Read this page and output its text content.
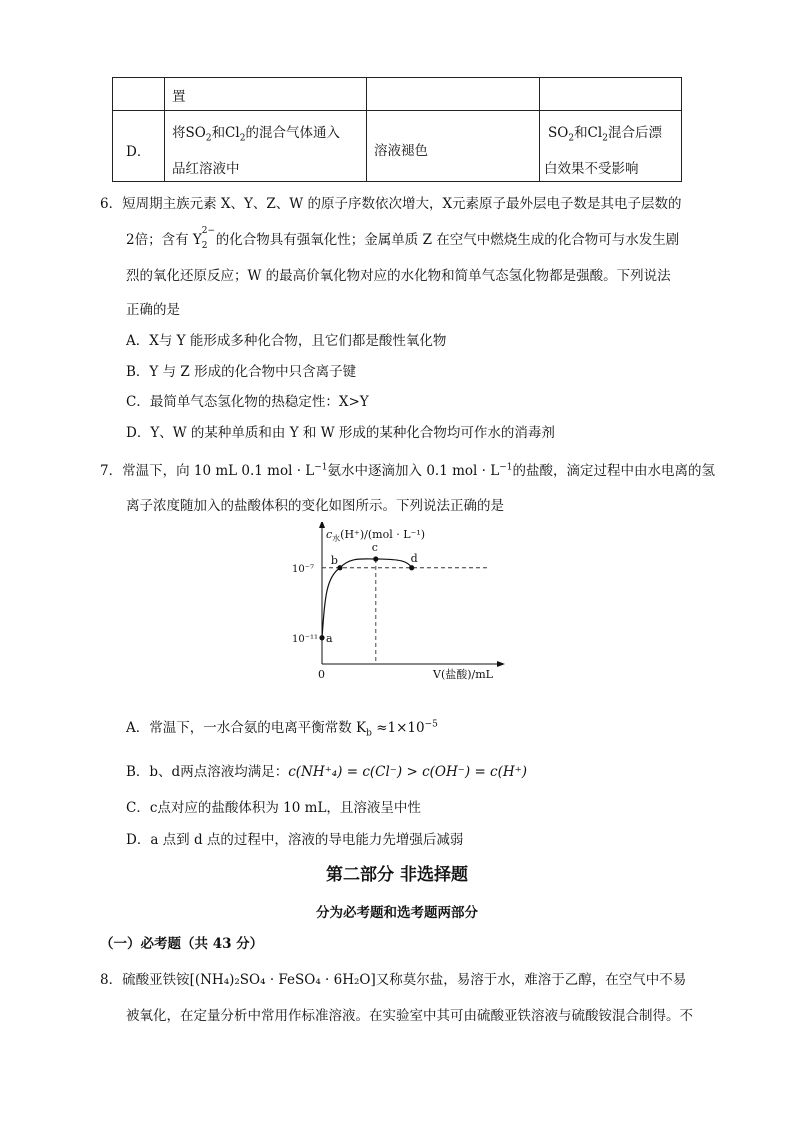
置
D．
将$SO_2$和$Cl_2$的混合气体通入
品红溶液中
溶液褪色
$SO_2$和$Cl_2$混合后漂
白效果不受影响
6．短周期主族元素 X、Y、Z、W 的原子序数依次增大，X元素原子最外层电子数是其电子层数的
2倍；含有 Y
2−
2 的化合物具有强氧化性；金属单质 Z 在空气中燃烧生成的化合物可与水发生剧
烈的氧化还原反应；W 的最高价氧化物对应的水化物和简单气态氢化物都是强酸。下列说法
正确的是
A．X与 Y 能形成多种化合物，且它们都是酸性氧化物
B．Y 与 Z 形成的化合物中只含离子键
C．最简单气态氢化物的热稳定性：X>Y
D．Y、W 的某种单质和由 Y 和 W 形成的某种化合物均可作水的消毒剂
7．常温下，向 10 mL 0.1 mol · $L^{-1}$氨水中逐滴加入 0.1 mol · $L^{-1}$的盐酸，滴定过程中由水电离的氢
离子浓度随加入的盐酸体积的变化如图所示。下列说法正确的是
a
b
c
d
10⁻⁷
10⁻¹¹
0
$c_水(H^+)/(mol \cdot L^{-1})$
V(盐酸)/mL
A．常温下，一水合氨的电离平衡常数 $K_b \approx 1\times 10^{-5}$
B．b、d两点溶液均满足：c(NH⁺₄) = c(Cl⁻) > c(OH⁻) = c(H⁺)
C．c点对应的盐酸体积为 10 mL，且溶液呈中性
D．a 点到 d 点的过程中，溶液的导电能力先增强后减弱
第二部分 非选择题
分为必考题和选考题两部分
（一）必考题（共 43 分）
8．硫酸亚铁铵[(NH₄)₂SO₄ · FeSO₄ · 6H₂O]又称莫尔盐，易溶于水，难溶于乙醇，在空气中不易
被氧化，在定量分析中常用作标准溶液。在实验室中其可由硫酸亚铁溶液与硫酸铵混合制得。不
